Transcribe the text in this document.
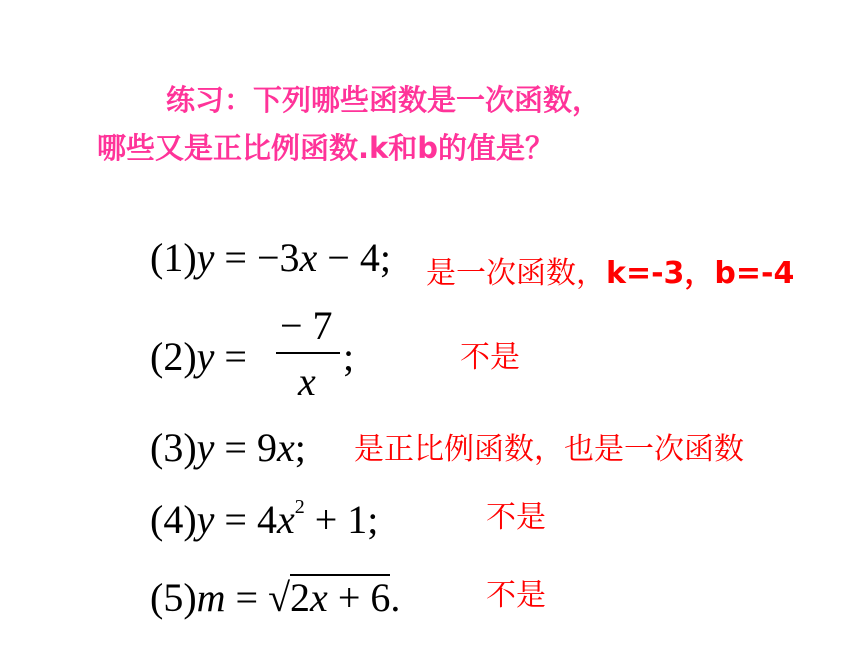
练习：下列哪些函数是一次函数，
哪些又是正比例函数.k和b的值是？
(1)y = −3x − 4; 是一次函数，k=-3，b=-4
(2)y =
− 7
x
;	不是
(3)y = 9x; 是正比例函数，也是一次函数
$(4)y = 4x^2 + 1$;	不是
(5)m = √2x + 6.	不是
